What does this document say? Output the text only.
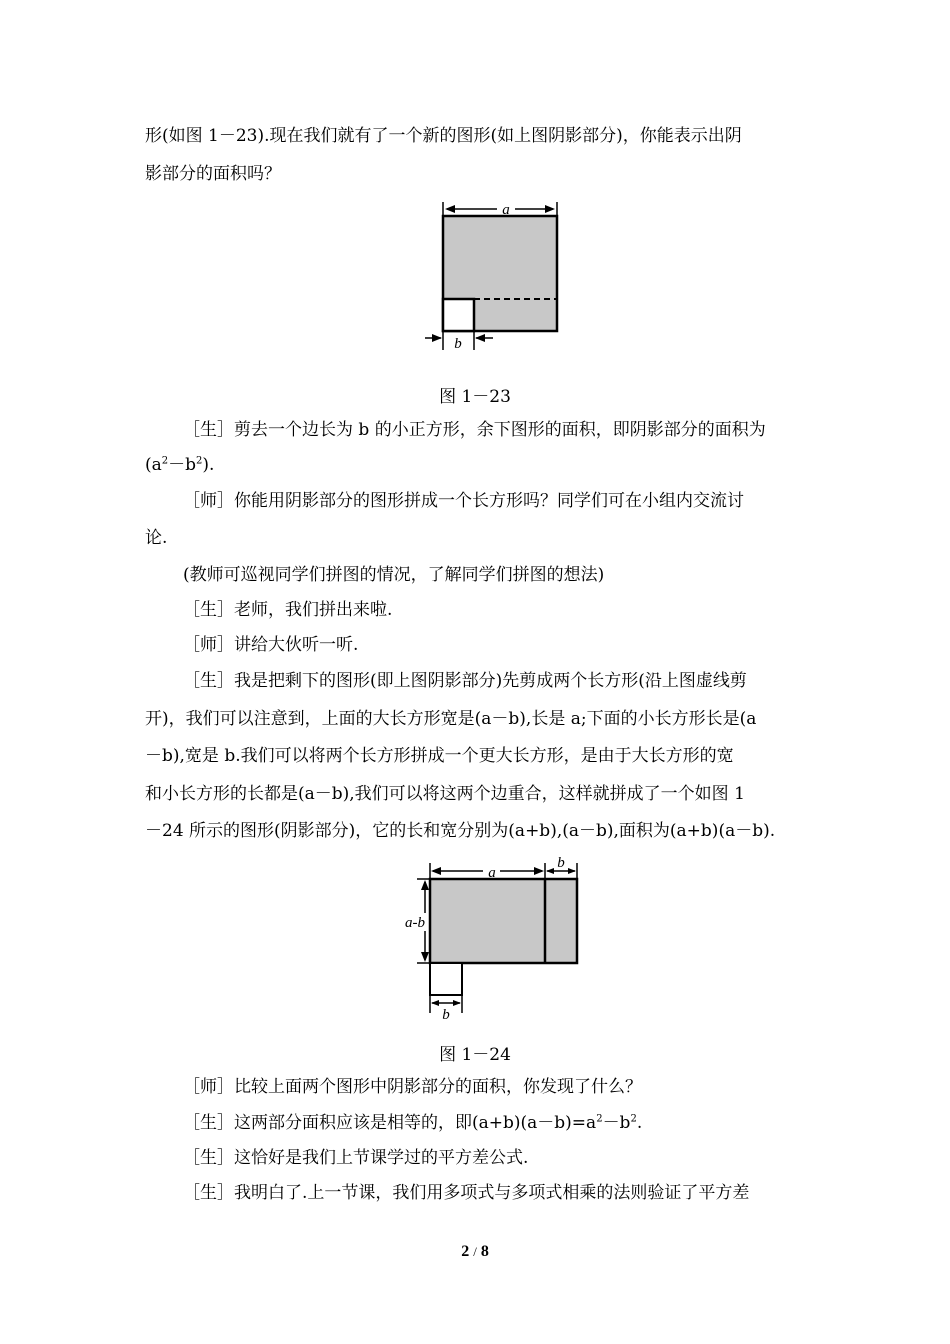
形(如图 1－23).现在我们就有了一个新的图形(如上图阴影部分)，你能表示出阴
影部分的面积吗？
a
b
图 1－23
［生］剪去一个边长为 b 的小正方形，余下图形的面积，即阴影部分的面积为
$(a^2-b^2)$.
［师］你能用阴影部分的图形拼成一个长方形吗？同学们可在小组内交流讨
论.
(教师可巡视同学们拼图的情况，了解同学们拼图的想法)
［生］老师，我们拼出来啦.
［师］讲给大伙听一听.
［生］我是把剩下的图形(即上图阴影部分)先剪成两个长方形(沿上图虚线剪
开)，我们可以注意到，上面的大长方形宽是(a－b),长是 a;下面的小长方形长是(a
－b),宽是 b.我们可以将两个长方形拼成一个更大长方形，是由于大长方形的宽
和小长方形的长都是(a－b),我们可以将这两个边重合，这样就拼成了一个如图 1
－24 所示的图形(阴影部分)，它的长和宽分别为(a+b),(a－b),面积为(a+b)(a－b).
a
b
a-b
b
图 1－24
［师］比较上面两个图形中阴影部分的面积，你发现了什么？
［生］这两部分面积应该是相等的，即$(a+b)(a-b)=a^2-b^2$.
［生］这恰好是我们上节课学过的平方差公式.
［生］我明白了.上一节课，我们用多项式与多项式相乘的法则验证了平方差
2 / 8
